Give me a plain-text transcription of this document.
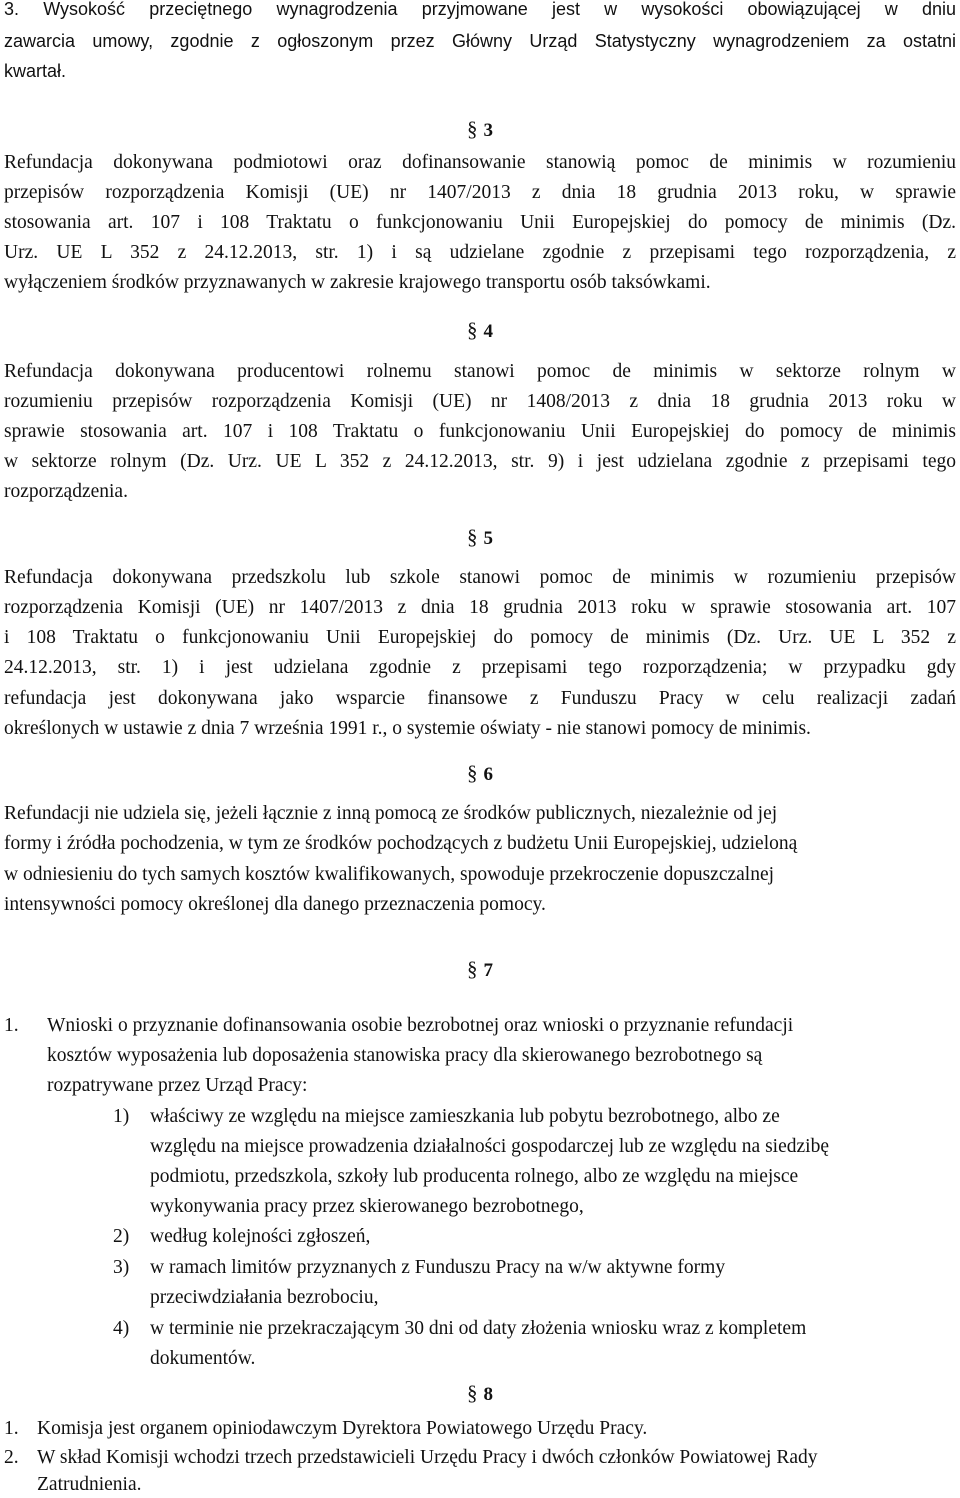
3. Wysokość przeciętnego wynagrodzenia przyjmowane jest w wysokości obowiązującej w dniu
zawarcia umowy, zgodnie z ogłoszonym przez Główny Urząd Statystyczny wynagrodzeniem za ostatni
kwartał.
§ 3
Refundacja dokonywana podmiotowi oraz dofinansowanie stanowią pomoc de minimis w rozumieniu
przepisów rozporządzenia Komisji (UE) nr 1407/2013 z dnia 18 grudnia 2013 roku, w sprawie
stosowania art. 107 i 108 Traktatu o funkcjonowaniu Unii Europejskiej do pomocy de minimis (Dz.
Urz. UE L 352 z 24.12.2013, str. 1) i są udzielane zgodnie z przepisami tego rozporządzenia, z
wyłączeniem środków przyznawanych w zakresie krajowego transportu osób taksówkami.
§ 4
Refundacja dokonywana producentowi rolnemu stanowi pomoc de minimis w sektorze rolnym w
rozumieniu przepisów rozporządzenia Komisji (UE) nr 1408/2013 z dnia 18 grudnia 2013 roku w
sprawie stosowania art. 107 i 108 Traktatu o funkcjonowaniu Unii Europejskiej do pomocy de minimis
w sektorze rolnym (Dz. Urz. UE L 352 z 24.12.2013, str. 9) i jest udzielana zgodnie z przepisami tego
rozporządzenia.
§ 5
Refundacja dokonywana przedszkolu lub szkole stanowi pomoc de minimis w rozumieniu przepisów
rozporządzenia Komisji (UE) nr 1407/2013 z dnia 18 grudnia 2013 roku w sprawie stosowania art. 107
i 108 Traktatu o funkcjonowaniu Unii Europejskiej do pomocy de minimis (Dz. Urz. UE L 352 z
24.12.2013, str. 1) i jest udzielana zgodnie z przepisami tego rozporządzenia; w przypadku gdy
refundacja jest dokonywana jako wsparcie finansowe z Funduszu Pracy w celu realizacji zadań
określonych w ustawie z dnia 7 września 1991 r., o systemie oświaty - nie stanowi pomocy de minimis.
§ 6
Refundacji nie udziela się, jeżeli łącznie z inną pomocą ze środków publicznych, niezależnie od jej
formy i źródła pochodzenia, w tym ze środków pochodzących z budżetu Unii Europejskiej, udzieloną
w odniesieniu do tych samych kosztów kwalifikowanych, spowoduje przekroczenie dopuszczalnej
intensywności pomocy określonej dla danego przeznaczenia pomocy.
§ 7
1. Wnioski o przyznanie dofinansowania osobie bezrobotnej oraz wnioski o przyznanie refundacji
kosztów wyposażenia lub doposażenia stanowiska pracy dla skierowanego bezrobotnego są
rozpatrywane przez Urząd Pracy:
1) właściwy ze względu na miejsce zamieszkania lub pobytu bezrobotnego, albo ze
względu na miejsce prowadzenia działalności gospodarczej lub ze względu na siedzibę
podmiotu, przedszkola, szkoły lub producenta rolnego, albo ze względu na miejsce
wykonywania pracy przez skierowanego bezrobotnego,
2) według kolejności zgłoszeń,
3) w ramach limitów przyznanych z Funduszu Pracy na w/w aktywne formy
przeciwdziałania bezrobociu,
4) w terminie nie przekraczającym 30 dni od daty złożenia wniosku wraz z kompletem
dokumentów.
§ 8
1. Komisja jest organem opiniodawczym Dyrektora Powiatowego Urzędu Pracy.
2. W skład Komisji wchodzi trzech przedstawicieli Urzędu Pracy i dwóch członków Powiatowej Rady
Zatrudnienia.
